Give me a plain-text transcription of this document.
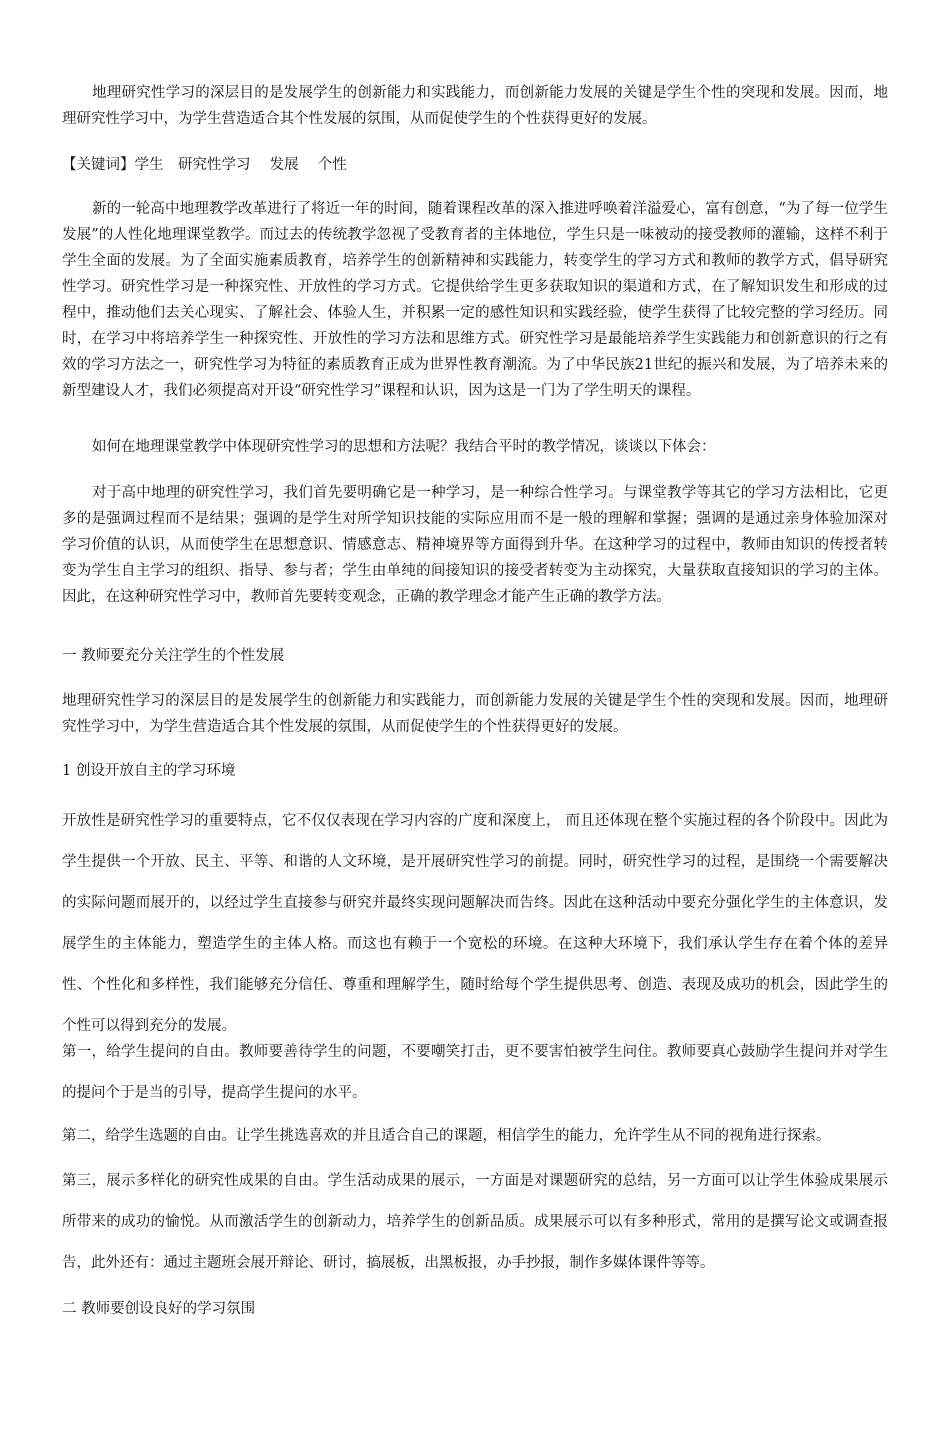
地理研究性学习的深层目的是发展学生的创新能力和实践能力，而创新能力发展的关键是学生个性的突现和发展。因而，地理研究性学习中，为学生营造适合其个性发展的氛围，从而促使学生的个性获得更好的发展。

【关键词】学生　研究性学习　 发展　 个性

新的一轮高中地理教学改革进行了将近一年的时间，随着课程改革的深入推进呼唤着洋溢爱心，富有创意，“为了每一位学生发展”的人性化地理课堂教学。而过去的传统教学忽视了受教育者的主体地位，学生只是一味被动的接受教师的灌输，这样不利于学生全面的发展。为了全面实施素质教育，培养学生的创新精神和实践能力，转变学生的学习方式和教师的教学方式，倡导研究性学习。研究性学习是一种探究性、开放性的学习方式。它提供给学生更多获取知识的渠道和方式，在了解知识发生和形成的过程中，推动他们去关心现实、了解社会、体验人生，并积累一定的感性知识和实践经验，使学生获得了比较完整的学习经历。同时，在学习中将培养学生一种探究性、开放性的学习方法和思维方式。研究性学习是最能培养学生实践能力和创新意识的行之有效的学习方法之一，研究性学习为特征的素质教育正成为世界性教育潮流。为了中华民族21世纪的振兴和发展，为了培养未来的新型建设人才，我们必须提高对开设“研究性学习”课程和认识，因为这是一门为了学生明天的课程。

如何在地理课堂教学中体现研究性学习的思想和方法呢？我结合平时的教学情况，谈谈以下体会：

对于高中地理的研究性学习，我们首先要明确它是一种学习，是一种综合性学习。与课堂教学等其它的学习方法相比，它更多的是强调过程而不是结果；强调的是学生对所学知识技能的实际应用而不是一般的理解和掌握；强调的是通过亲身体验加深对学习价值的认识，从而使学生在思想意识、情感意志、精神境界等方面得到升华。在这种学习的过程中，教师由知识的传授者转变为学生自主学习的组织、指导、参与者；学生由单纯的间接知识的接受者转变为主动探究，大量获取直接知识的学习的主体。因此，在这种研究性学习中，教师首先要转变观念，正确的教学理念才能产生正确的教学方法。

一 教师要充分关注学生的个性发展

地理研究性学习的深层目的是发展学生的创新能力和实践能力，而创新能力发展的关键是学生个性的突现和发展。因而，地理研究性学习中，为学生营造适合其个性发展的氛围，从而促使学生的个性获得更好的发展。

1 创设开放自主的学习环境

开放性是研究性学习的重要特点，它不仅仅表现在学习内容的广度和深度上， 而且还体现在整个实施过程的各个阶段中。因此为学生提供一个开放、民主、平等、和谐的人文环境，是开展研究性学习的前提。同时，研究性学习的过程，是围绕一个需要解决的实际问题而展开的，以经过学生直接参与研究并最终实现问题解决而告终。因此在这种活动中要充分强化学生的主体意识，发展学生的主体能力，塑造学生的主体人格。而这也有赖于一个宽松的环境。在这种大环境下，我们承认学生存在着个体的差异性、个性化和多样性，我们能够充分信任、尊重和理解学生，随时给每个学生提供思考、创造、表现及成功的机会，因此学生的个性可以得到充分的发展。

第一，给学生提问的自由。教师要善待学生的问题，不要嘲笑打击，更不要害怕被学生问住。教师要真心鼓励学生提问并对学生的提问个于是当的引导，提高学生提问的水平。

第二，给学生选题的自由。让学生挑选喜欢的并且适合自己的课题，相信学生的能力，允许学生从不同的视角进行探索。

第三，展示多样化的研究性成果的自由。学生活动成果的展示，一方面是对课题研究的总结，另一方面可以让学生体验成果展示所带来的成功的愉悦。从而激活学生的创新动力，培养学生的创新品质。成果展示可以有多种形式，常用的是撰写论文或调查报告，此外还有：通过主题班会展开辩论、研讨，搞展板，出黑板报，办手抄报，制作多媒体课件等等。

二 教师要创设良好的学习氛围
